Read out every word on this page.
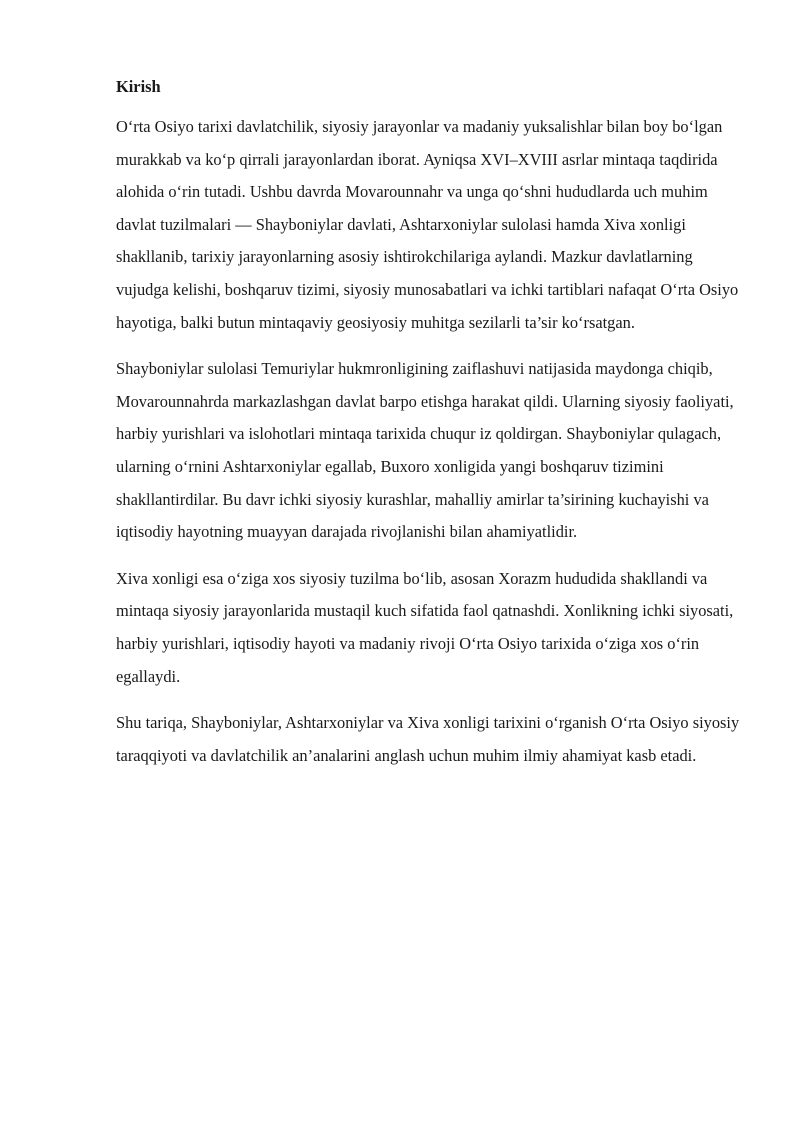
Kirish

O‘rta Osiyo tarixi davlatchilik, siyosiy jarayonlar va madaniy yuksalishlar bilan boy bo‘lgan murakkab va ko‘p qirrali jarayonlardan iborat. Ayniqsa XVI–XVIII asrlar mintaqa taqdirida alohida o‘rin tutadi. Ushbu davrda Movarounnahr va unga qo‘shni hududlarda uch muhim davlat tuzilmalari — Shayboniylar davlati, Ashtarxoniylar sulolasi hamda Xiva xonligi shakllanib, tarixiy jarayonlarning asosiy ishtirokchilariga aylandi. Mazkur davlatlarning vujudga kelishi, boshqaruv tizimi, siyosiy munosabatlari va ichki tartiblari nafaqat O‘rta Osiyo hayotiga, balki butun mintaqaviy geosiyosiy muhitga sezilarli ta’sir ko‘rsatgan.

Shayboniylar sulolasi Temuriylar hukmronligining zaiflashuvi natijasida maydonga chiqib, Movarounnahrda markazlashgan davlat barpo etishga harakat qildi. Ularning siyosiy faoliyati, harbiy yurishlari va islohotlari mintaqa tarixida chuqur iz qoldirgan. Shayboniylar qulagach, ularning o‘rnini Ashtarxoniylar egallab, Buxoro xonligida yangi boshqaruv tizimini shakllantirdilar. Bu davr ichki siyosiy kurashlar, mahalliy amirlar ta’sirining kuchayishi va iqtisodiy hayotning muayyan darajada rivojlanishi bilan ahamiyatlidir.

Xiva xonligi esa o‘ziga xos siyosiy tuzilma bo‘lib, asosan Xorazm hududida shakllandi va mintaqa siyosiy jarayonlarida mustaqil kuch sifatida faol qatnashdi. Xonlikning ichki siyosati, harbiy yurishlari, iqtisodiy hayoti va madaniy rivoji O‘rta Osiyo tarixida o‘ziga xos o‘rin egallaydi.

Shu tariqa, Shayboniylar, Ashtarxoniylar va Xiva xonligi tarixini o‘rganish O‘rta Osiyo siyosiy taraqqiyoti va davlatchilik an’analarini anglash uchun muhim ilmiy ahamiyat kasb etadi.
